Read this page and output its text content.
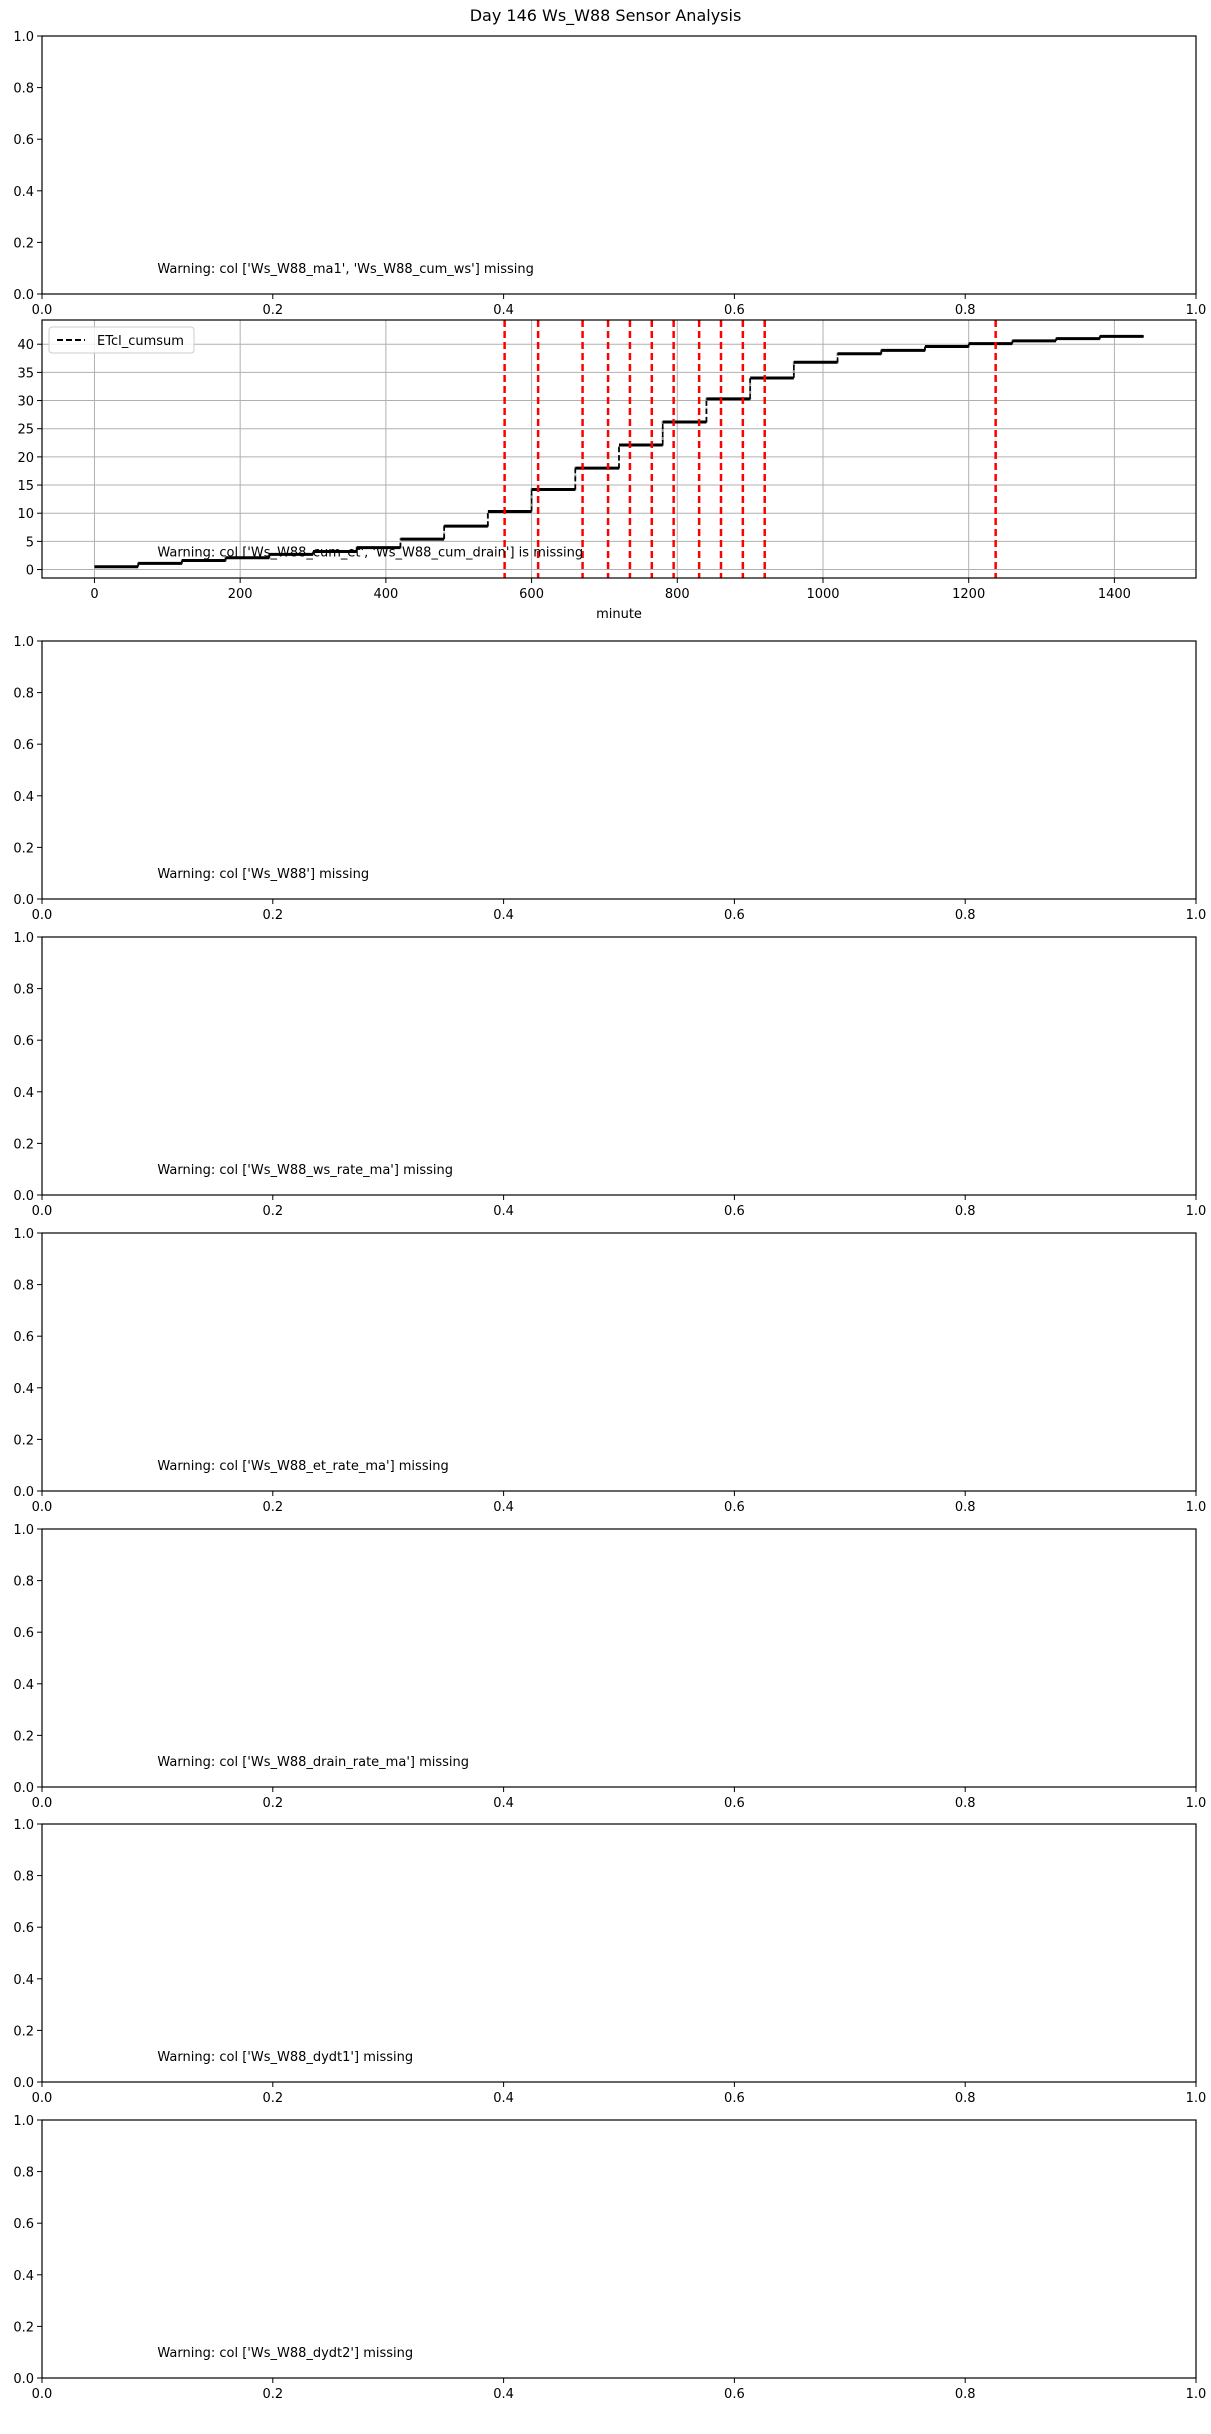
Day 146 Ws_W88 Sensor Analysis
Warning: col ['Ws_W88_ma1', 'Ws_W88_cum_ws'] missing
0.0	0.2	0.4	0.6	0.8	1.0
0.0
0.2
0.4
0.6
0.8
1.0
Warning: col ['Ws_W88_cum_et', 'Ws_W88_cum_drain'] is missing
0	200	400	600	800	1000	1200	1400
0
5
10
15
20
25
30
35
40
minute
ETcl_cumsum
Warning: col ['Ws_W88'] missing
0.0	0.2	0.4	0.6	0.8	1.0
0.0
0.2
0.4
0.6
0.8
1.0
Warning: col ['Ws_W88_ws_rate_ma'] missing
0.0	0.2	0.4	0.6	0.8	1.0
0.0
0.2
0.4
0.6
0.8
1.0
Warning: col ['Ws_W88_et_rate_ma'] missing
0.0	0.2	0.4	0.6	0.8	1.0
0.0
0.2
0.4
0.6
0.8
1.0
Warning: col ['Ws_W88_drain_rate_ma'] missing
0.0	0.2	0.4	0.6	0.8	1.0
0.0
0.2
0.4
0.6
0.8
1.0
Warning: col ['Ws_W88_dydt1'] missing
0.0	0.2	0.4	0.6	0.8	1.0
0.0
0.2
0.4
0.6
0.8
1.0
Warning: col ['Ws_W88_dydt2'] missing
0.0	0.2	0.4	0.6	0.8	1.0
0.0
0.2
0.4
0.6
0.8
1.0
